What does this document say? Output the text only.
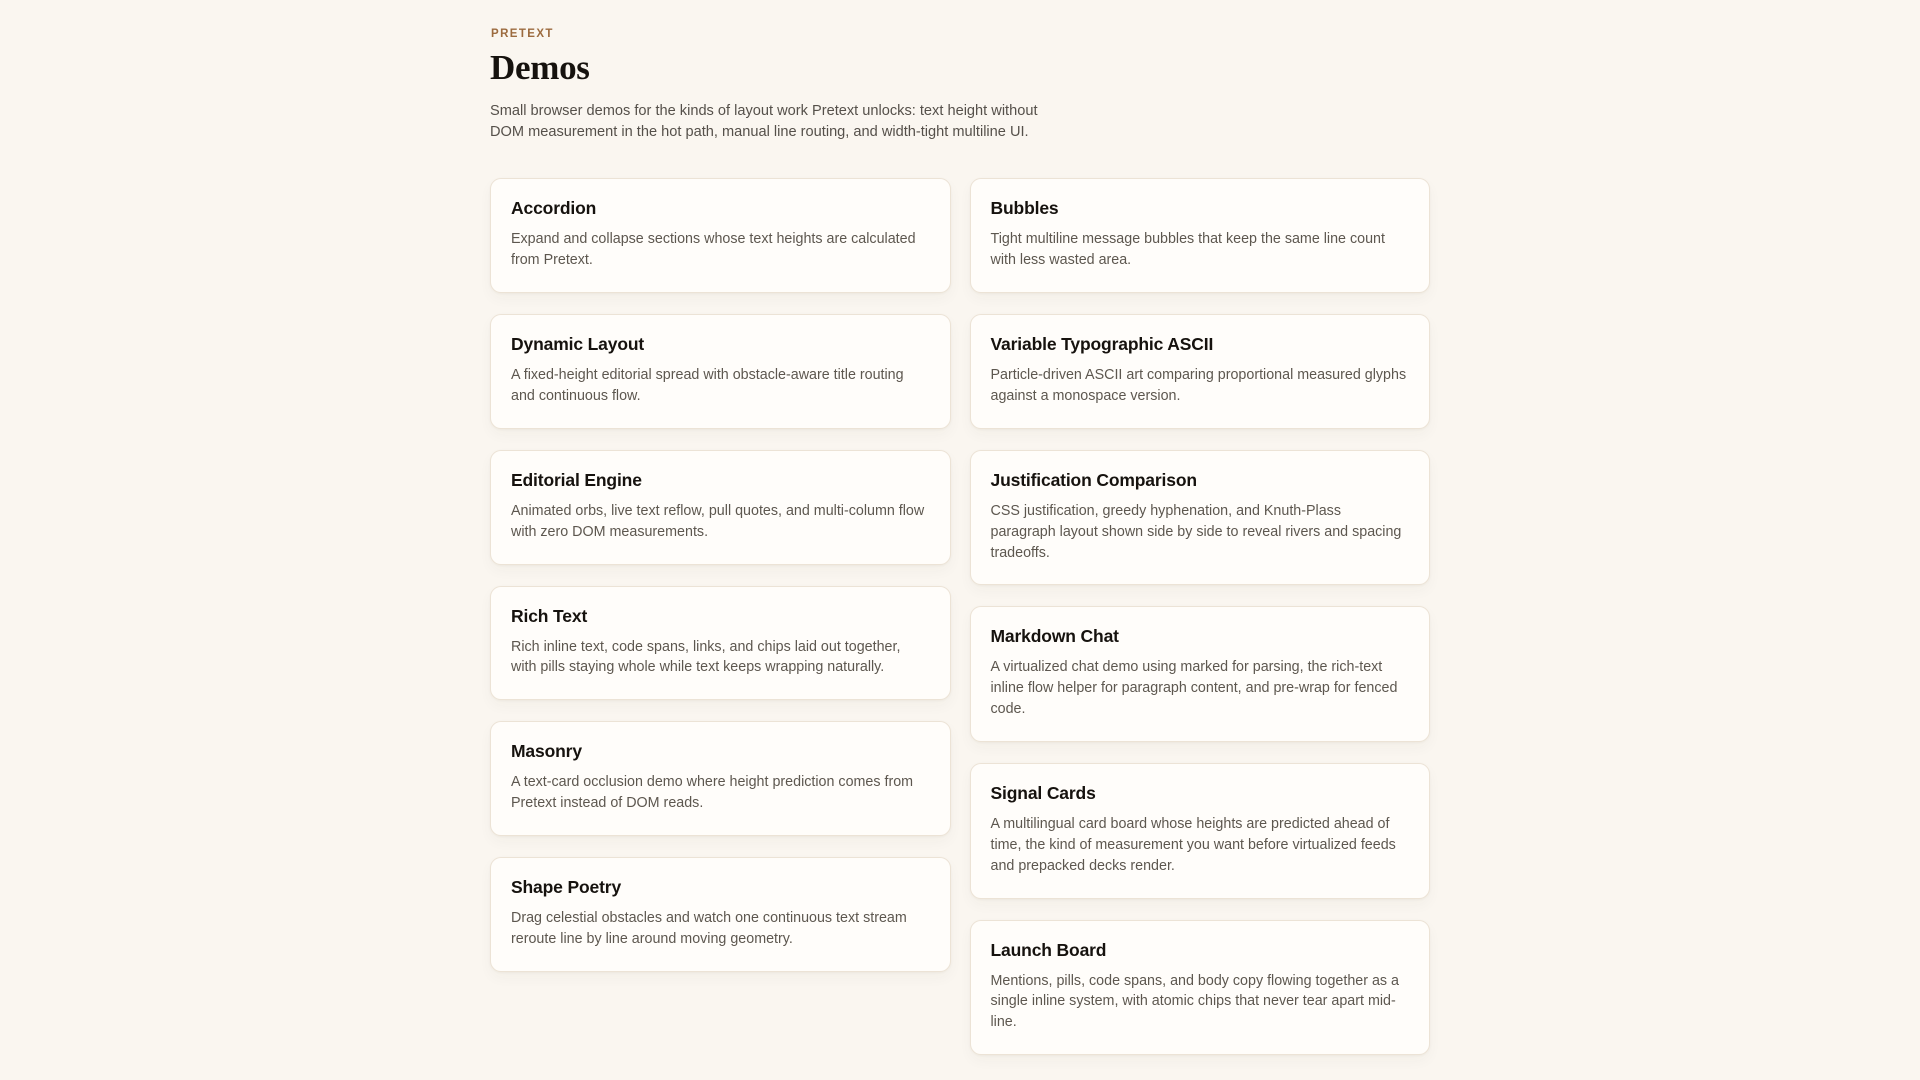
PRETEXT
Demos

Small browser demos for the kinds of layout work Pretext unlocks: text height without DOM measurement in the hot path, manual line routing, and width-tight multiline UI.

Accordion

Expand and collapse sections whose text heights are calculated from Pretext.

Dynamic Layout

A fixed-height editorial spread with obstacle-aware title routing and continuous flow.

Editorial Engine

Animated orbs, live text reflow, pull quotes, and multi-column flow with zero DOM measurements.

Rich Text

Rich inline text, code spans, links, and chips laid out together, with pills staying whole while text keeps wrapping naturally.

Masonry

A text-card occlusion demo where height prediction comes from Pretext instead of DOM reads.

Shape Poetry

Drag celestial obstacles and watch one continuous text stream reroute line by line around moving geometry.

Bubbles

Tight multiline message bubbles that keep the same line count with less wasted area.

Variable Typographic ASCII

Particle-driven ASCII art comparing proportional measured glyphs against a monospace version.

Justification Comparison

CSS justification, greedy hyphenation, and Knuth-Plass paragraph layout shown side by side to reveal rivers and spacing tradeoffs.

Markdown Chat

A virtualized chat demo using marked for parsing, the rich-text inline flow helper for paragraph content, and pre-wrap for fenced code.

Signal Cards

A multilingual card board whose heights are predicted ahead of time, the kind of measurement you want before virtualized feeds and prepacked decks render.

Launch Board

Mentions, pills, code spans, and body copy flowing together as a single inline system, with atomic chips that never tear apart mid-line.
